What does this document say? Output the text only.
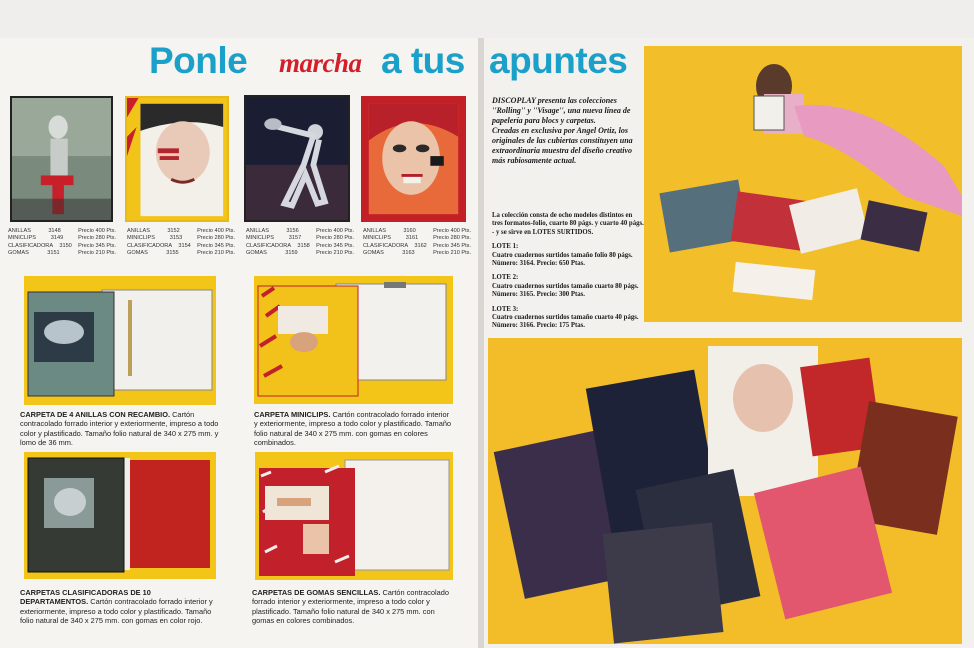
Ponle marcha a tus apuntes
ANILLAS	3148	Precio 400 Pts.
MINICLIPS	3149	Precio 280 Pts.
CLASIFICADORA 3150 Precio 345 Pts.
GOMAS	3151	Precio 210 Pts.
ANILLAS	3152	Precio 400 Pts.
MINICLIPS	3153	Precio 280 Pts.
CLASIFICADORA 3154 Precio 345 Pts.
GOMAS	3155	Precio 210 Pts.
ANILLAS	3156	Precio 400 Pts.
MINICLIPS	3157	Precio 280 Pts.
CLASIFICADORA 3158 Precio 345 Pts.
GOMAS	3159	Precio 210 Pts.
ANILLAS	3160	Precio 400 Pts.
MINICLIPS	3161	Precio 280 Pts.
CLASIFICADORA 3162 Precio 345 Pts.
GOMAS	3163	Precio 210 Pts.
CARPETA DE 4 ANILLAS CON RECAMBIO. Cartón contracolado forrado interior y exteriormente, impreso a todo color y plastificado. Tamaño folio natural de 340 x 275 mm. y lomo de 36 mm.
CARPETA MINICLIPS. Cartón contracolado forrado interior y exteriormente, impreso a todo color y plastificado. Tamaño folio natural de 340 x 275 mm. con gomas en colores combinados.
CARPETAS CLASIFICADORAS DE 10 DEPARTAMENTOS. Cartón contracolado forrado interior y exteriormente, impreso a todo color y plastificado. Tamaño folio natural de 340 x 275 mm. con gomas en color rojo.
CARPETAS DE GOMAS SENCILLAS. Cartón contracolado forrado interior y exteriormente, impreso a todo color y plastificado. Tamaño folio natural de 340 x 275 mm. con gomas en colores combinados.

DISCOPLAY presenta las colecciones ''Rolling'' y ''Visage'', una nueva línea de papelería para blocs y carpetas.

Creadas en exclusiva por Angel Ortiz, los originales de las cubiertas constituyen una extraordinaria muestra del diseño creativo más rabiosamente actual.

La colección consta de ocho modelos distintos en tres formatos-folio, cuarto 80 págs. y cuarto 40 págs. - y se sirve en LOTES SURTIDOS.

LOTE 1:

Cuatro cuadernos surtidos tamaño folio 80 págs. Número: 3164. Precio: 650 Ptas.

LOTE 2:

Cuatro cuadernos surtidos tamaño cuarto 80 págs. Número: 3165. Precio: 300 Ptas.

LOTE 3:

Cuatro cuadernos surtidos tamaño cuarto 40 págs. Número: 3166. Precio: 175 Ptas.
